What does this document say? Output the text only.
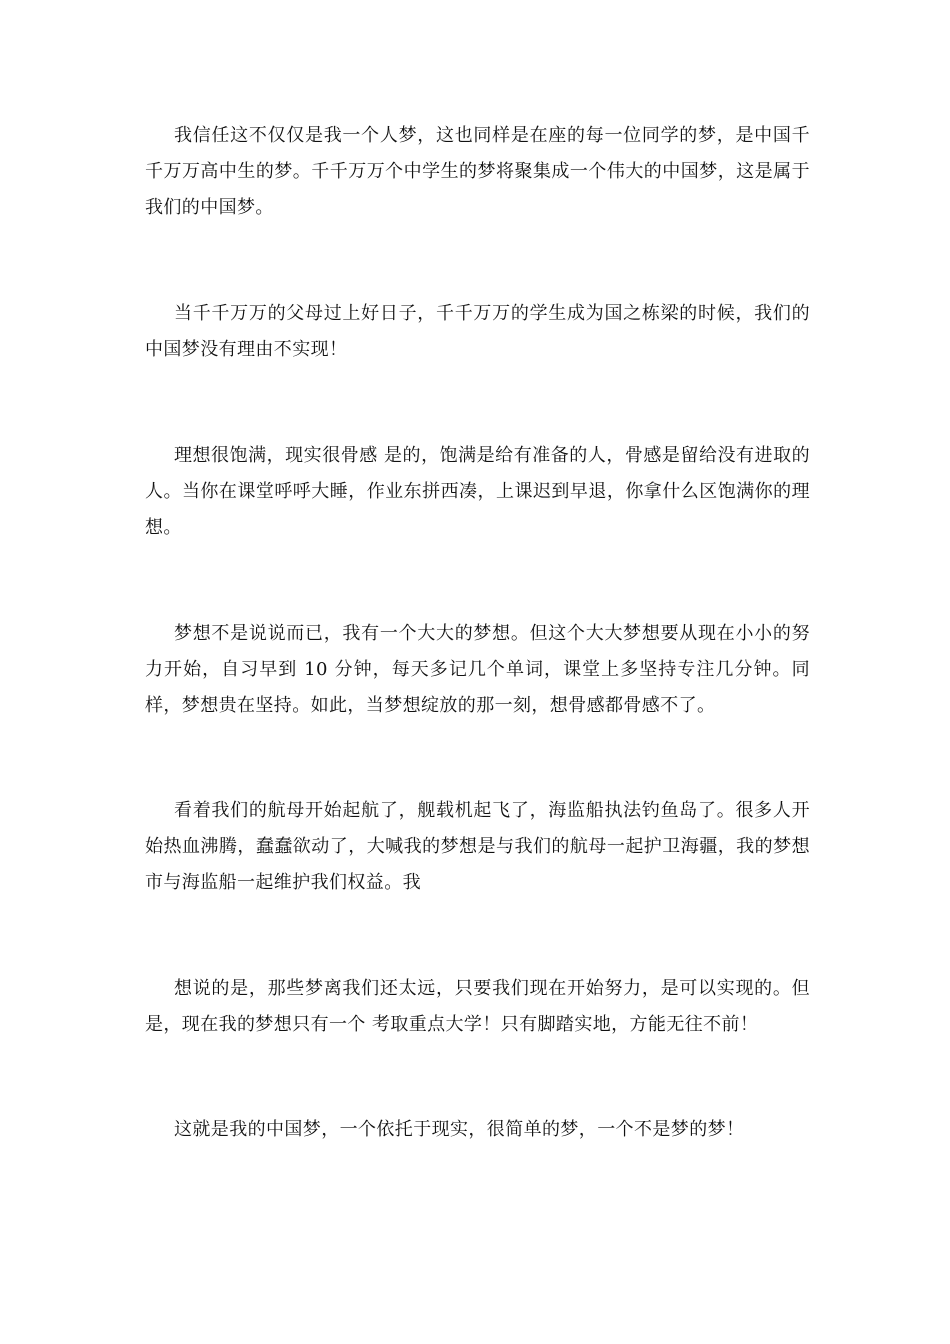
我信任这不仅仅是我一个人梦，这也同样是在座的每一位同学的梦，是中国千千万万高中生的梦。千千万万个中学生的梦将聚集成一个伟大的中国梦，这是属于我们的中国梦。

当千千万万的父母过上好日子，千千万万的学生成为国之栋梁的时候，我们的中国梦没有理由不实现！

理想很饱满，现实很骨感 是的，饱满是给有准备的人，骨感是留给没有进取的人。当你在课堂呼呼大睡，作业东拼西凑，上课迟到早退，你拿什么区饱满你的理想。

梦想不是说说而已，我有一个大大的梦想。但这个大大梦想要从现在小小的努力开始，自习早到 10 分钟，每天多记几个单词，课堂上多坚持专注几分钟。同样，梦想贵在坚持。如此，当梦想绽放的那一刻，想骨感都骨感不了。

看着我们的航母开始起航了，舰载机起飞了，海监船执法钓鱼岛了。很多人开始热血沸腾，蠢蠢欲动了，大喊我的梦想是与我们的航母一起护卫海疆，我的梦想市与海监船一起维护我们权益。我

想说的是，那些梦离我们还太远，只要我们现在开始努力，是可以实现的。但是，现在我的梦想只有一个 考取重点大学！只有脚踏实地，方能无往不前！

这就是我的中国梦，一个依托于现实，很简单的梦，一个不是梦的梦！
